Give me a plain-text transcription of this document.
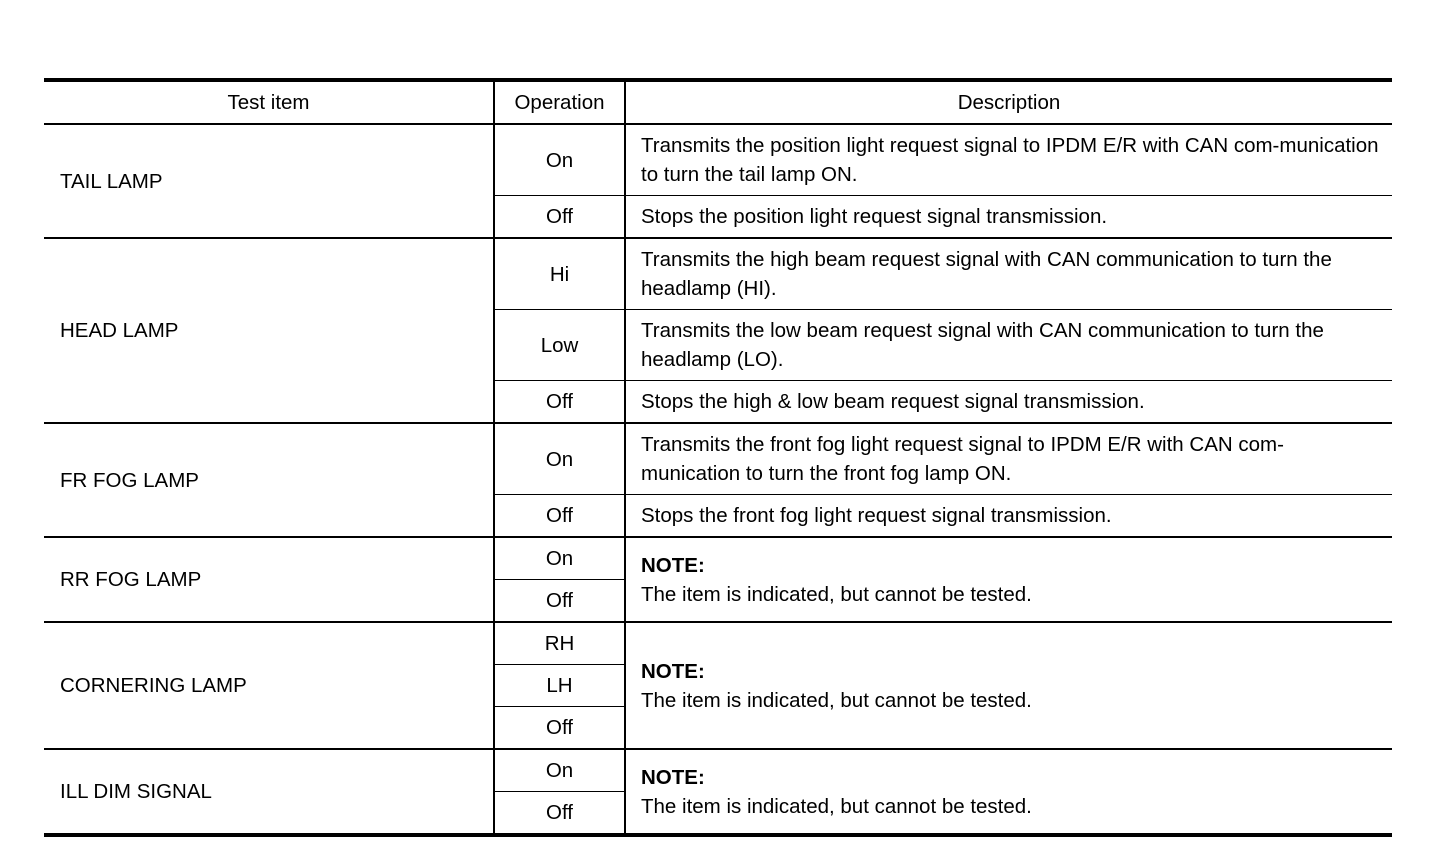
Test item	Operation	Description
TAIL LAMP	On	Transmits the position light request signal to IPDM E/R with CAN com-munication to turn the tail lamp ON.
	Off	Stops the position light request signal transmission.
HEAD LAMP	Hi	Transmits the high beam request signal with CAN communication to turn the headlamp (HI).
	Low	Transmits the low beam request signal with CAN communication to turn the headlamp (LO).
	Off	Stops the high & low beam request signal transmission.
FR FOG LAMP	On	Transmits the front fog light request signal to IPDM E/R with CAN com-munication to turn the front fog lamp ON.
	Off	Stops the front fog light request signal transmission.
RR FOG LAMP	On	NOTE:
The item is indicated, but cannot be tested.

	Off	
CORNERING LAMP	RH	NOTE:
The item is indicated, but cannot be tested.

	LH	
	Off	
ILL DIM SIGNAL	On	NOTE:
The item is indicated, but cannot be tested.

	Off	
